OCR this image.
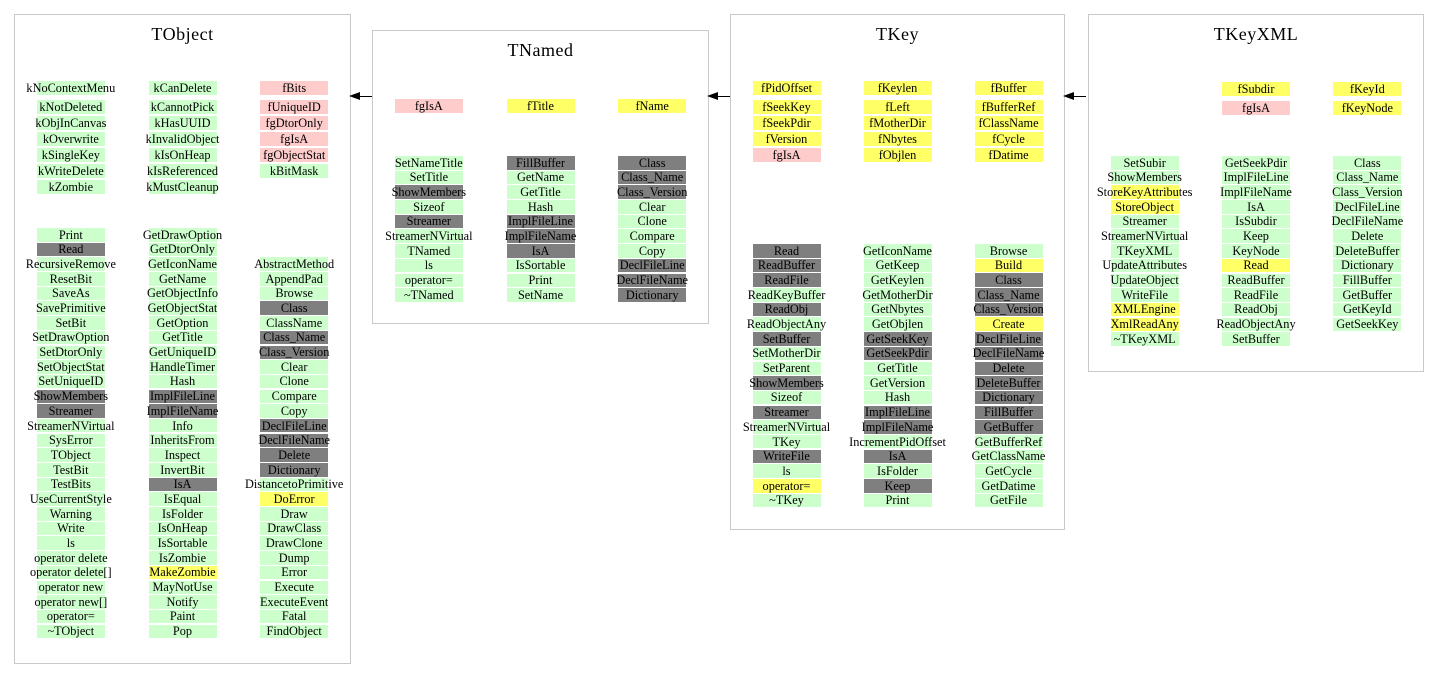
TObject
kNoContextMenu
kNotDeleted
kObjInCanvas
kOverwrite
kSingleKey
kWriteDelete
kZombie
kCanDelete
kCannotPick
kHasUUID
kInvalidObject
kIsOnHeap
kIsReferenced
kMustCleanup
fBits
fUniqueID
fgDtorOnly
fgIsA
fgObjectStat
kBitMask
Print
Read
RecursiveRemove
ResetBit
SaveAs
SavePrimitive
SetBit
SetDrawOption
SetDtorOnly
SetObjectStat
SetUniqueID
ShowMembers
Streamer
StreamerNVirtual
SysError
TObject
TestBit
TestBits
UseCurrentStyle
Warning
Write
ls
operator delete
operator delete[]
operator new
operator new[]
operator=
~TObject
GetDrawOption
GetDtorOnly
GetIconName
GetName
GetObjectInfo
GetObjectStat
GetOption
GetTitle
GetUniqueID
HandleTimer
Hash
ImplFileLine
ImplFileName
Info
InheritsFrom
Inspect
InvertBit
IsA
IsEqual
IsFolder
IsOnHeap
IsSortable
IsZombie
MakeZombie
MayNotUse
Notify
Paint
Pop
AbstractMethod
AppendPad
Browse
Class
ClassName
Class_Name
Class_Version
Clear
Clone
Compare
Copy
DeclFileLine
DeclFileName
Delete
Dictionary
DistancetoPrimitive
DoError
Draw
DrawClass
DrawClone
Dump
Error
Execute
ExecuteEvent
Fatal
FindObject
TNamed
fgIsA	fTitle	fName
SetNameTitle
SetTitle
ShowMembers
Sizeof
Streamer
StreamerNVirtual
TNamed
ls
operator=
~TNamed
FillBuffer
GetName
GetTitle
Hash
ImplFileLine
ImplFileName
IsA
IsSortable
Print
SetName
Class
Class_Name
Class_Version
Clear
Clone
Compare
Copy
DeclFileLine
DeclFileName
Dictionary
TKey
fPidOffset
fSeekKey
fSeekPdir
fVersion
fgIsA
fKeylen
fLeft
fMotherDir
fNbytes
fObjlen
fBuffer
fBufferRef
fClassName
fCycle
fDatime
Read
ReadBuffer
ReadFile
ReadKeyBuffer
ReadObj
ReadObjectAny
SetBuffer
SetMotherDir
SetParent
ShowMembers
Sizeof
Streamer
StreamerNVirtual
TKey
WriteFile
ls
operator=
~TKey
GetIconName
GetKeep
GetKeylen
GetMotherDir
GetNbytes
GetObjlen
GetSeekKey
GetSeekPdir
GetTitle
GetVersion
Hash
ImplFileLine
ImplFileName
IncrementPidOffset
IsA
IsFolder
Keep
Print
Browse
Build
Class
Class_Name
Class_Version
Create
DeclFileLine
DeclFileName
Delete
DeleteBuffer
Dictionary
FillBuffer
GetBuffer
GetBufferRef
GetClassName
GetCycle
GetDatime
GetFile
TKeyXML
fSubdir
fgIsA
fKeyId
fKeyNode
SetSubir
ShowMembers
StoreKeyAttributes
StoreObject
Streamer
StreamerNVirtual
TKeyXML
UpdateAttributes
UpdateObject
WriteFile
XMLEngine
XmlReadAny
~TKeyXML
GetSeekPdir
ImplFileLine
ImplFileName
IsA
IsSubdir
Keep
KeyNode
Read
ReadBuffer
ReadFile
ReadObj
ReadObjectAny
SetBuffer
Class
Class_Name
Class_Version
DeclFileLine
DeclFileName
Delete
DeleteBuffer
Dictionary
FillBuffer
GetBuffer
GetKeyId
GetSeekKey
